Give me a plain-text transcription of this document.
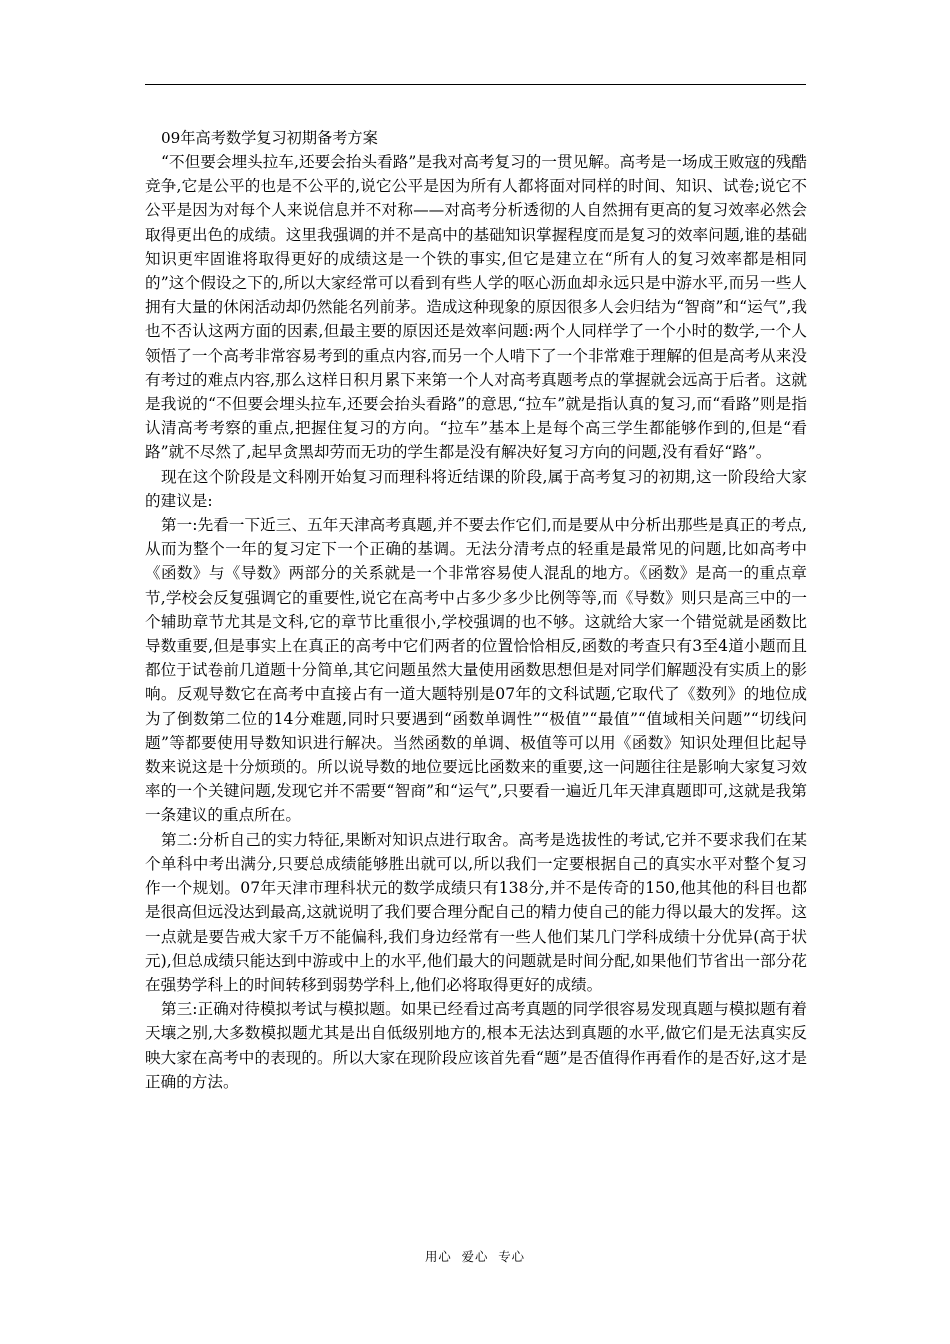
09年高考数学复习初期备考方案

“不但要会埋头拉车,还要会抬头看路”是我对高考复习的一贯见解。高考是一场成王败寇的残酷竞争,它是公平的也是不公平的,说它公平是因为所有人都将面对同样的时间、知识、试卷;说它不公平是因为对每个人来说信息并不对称——对高考分析透彻的人自然拥有更高的复习效率必然会取得更出色的成绩。这里我强调的并不是高中的基础知识掌握程度而是复习的效率问题,谁的基础知识更牢固谁将取得更好的成绩这是一个铁的事实,但它是建立在“所有人的复习效率都是相同的”这个假设之下的,所以大家经常可以看到有些人学的呕心沥血却永远只是中游水平,而另一些人拥有大量的休闲活动却仍然能名列前茅。造成这种现象的原因很多人会归结为“智商”和“运气”,我也不否认这两方面的因素,但最主要的原因还是效率问题:两个人同样学了一个小时的数学,一个人领悟了一个高考非常容易考到的重点内容,而另一个人啃下了一个非常难于理解的但是高考从来没有考过的难点内容,那么这样日积月累下来第一个人对高考真题考点的掌握就会远高于后者。这就是我说的“不但要会埋头拉车,还要会抬头看路”的意思,“拉车”就是指认真的复习,而“看路”则是指认清高考考察的重点,把握住复习的方向。“拉车”基本上是每个高三学生都能够作到的,但是“看路”就不尽然了,起早贪黑却劳而无功的学生都是没有解决好复习方向的问题,没有看好“路”。

现在这个阶段是文科刚开始复习而理科将近结课的阶段,属于高考复习的初期,这一阶段给大家的建议是:

第一:先看一下近三、五年天津高考真题,并不要去作它们,而是要从中分析出那些是真正的考点,从而为整个一年的复习定下一个正确的基调。无法分清考点的轻重是最常见的问题,比如高考中《函数》与《导数》两部分的关系就是一个非常容易使人混乱的地方。《函数》是高一的重点章节,学校会反复强调它的重要性,说它在高考中占多少多少比例等等,而《导数》则只是高三中的一个辅助章节尤其是文科,它的章节比重很小,学校强调的也不够。这就给大家一个错觉就是函数比导数重要,但是事实上在真正的高考中它们两者的位置恰恰相反,函数的考查只有3至4道小题而且都位于试卷前几道题十分简单,其它问题虽然大量使用函数思想但是对同学们解题没有实质上的影响。反观导数它在高考中直接占有一道大题特别是07年的文科试题,它取代了《数列》的地位成为了倒数第二位的14分难题,同时只要遇到“函数单调性”“极值”“最值”“值域相关问题”“切线问题”等都要使用导数知识进行解决。当然函数的单调、极值等可以用《函数》知识处理但比起导数来说这是十分烦琐的。所以说导数的地位要远比函数来的重要,这一问题往往是影响大家复习效率的一个关键问题,发现它并不需要“智商”和“运气”,只要看一遍近几年天津真题即可,这就是我第一条建议的重点所在。

第二:分析自己的实力特征,果断对知识点进行取舍。高考是选拔性的考试,它并不要求我们在某个单科中考出满分,只要总成绩能够胜出就可以,所以我们一定要根据自己的真实水平对整个复习作一个规划。07年天津市理科状元的数学成绩只有138分,并不是传奇的150,他其他的科目也都是很高但远没达到最高,这就说明了我们要合理分配自己的精力使自己的能力得以最大的发挥。这一点就是要告戒大家千万不能偏科,我们身边经常有一些人他们某几门学科成绩十分优异(高于状元),但总成绩只能达到中游或中上的水平,他们最大的问题就是时间分配,如果他们节省出一部分花在强势学科上的时间转移到弱势学科上,他们必将取得更好的成绩。

第三:正确对待模拟考试与模拟题。如果已经看过高考真题的同学很容易发现真题与模拟题有着天壤之别,大多数模拟题尤其是出自低级别地方的,根本无法达到真题的水平,做它们是无法真实反映大家在高考中的表现的。所以大家在现阶段应该首先看“题”是否值得作再看作的是否好,这才是正确的方法。

用心  爱心  专心
